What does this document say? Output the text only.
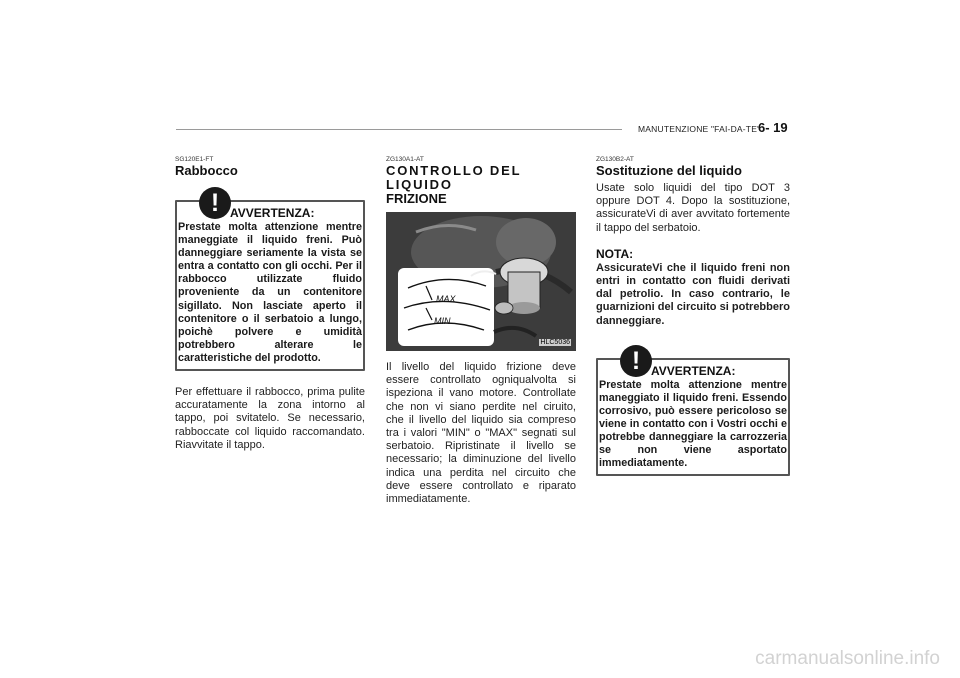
MANUTENZIONE "FAI-DA-TE"
6- 19

SG120E1-FT

Rabbocco

! AVVERTENZA:

Prestate molta attenzione mentre maneggiate il liquido freni. Può danneggiare seriamente la vista se entra a contatto con gli occhi. Per il rabbocco utilizzate fluido proveniente da un contenitore sigillato. Non lasciate aperto il contenitore o il serbatoio a lungo, poichè polvere e umidità potrebbero alterare le caratteristiche del prodotto.

Per effettuare il rabbocco, prima pulite accuratamente la zona intorno al tappo, poi svitatelo. Se necessario, rabboccate col liquido raccomandato. Riavvitate il tappo.

ZG130A1-AT

CONTROLLO DEL LIQUIDO

FRIZIONE

MAX
MIN
HLC5036

Il livello del liquido frizione deve essere controllato ogniqualvolta si ispeziona il vano motore. Controllate che non vi siano perdite nel ciruito, che il livello del liquido sia compreso tra i valori "MIN" o "MAX" segnati sul serbatoio. Ripristinate il livello se necessario; la diminuzione del livello indica una perdita nel circuito che deve essere controllato e riparato immediatamente.

ZG130B2-AT

Sostituzione del liquido

Usate solo liquidi del tipo DOT 3 oppure DOT 4. Dopo la sostituzione, assicurateVi di aver avvitato fortemente il tappo del serbatoio.

NOTA:

AssicurateVi che il liquido freni non entri in contatto con fluidi derivati dal petrolio. In caso contrario, le guarnizioni del circuito si potrebbero danneggiare.

! AVVERTENZA:

Prestate molta attenzione mentre maneggiato il liquido freni. Essendo corrosivo, può essere pericoloso se viene in contatto con i Vostri occhi e potrebbe danneggiare la carrozzeria se non viene asportato immediatamente.

carmanualsonline.info
